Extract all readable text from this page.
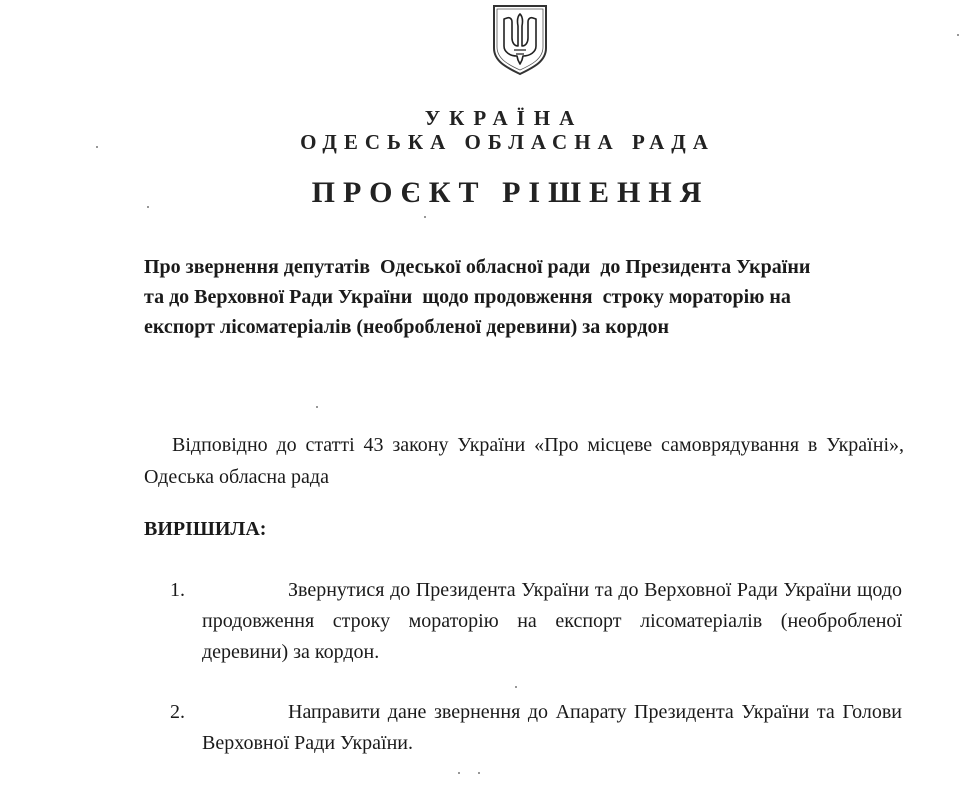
УКРАЇНА
ОДЕСЬКА ОБЛАСНА РАДА
ПРОЄКТ РІШЕННЯ
Про звернення депутатів  Одеської обласної ради  до Президента України
та до Верховної Ради України  щодо продовження  строку мораторію на
експорт лісоматеріалів (необробленої деревини) за кордон
Відповідно до статті 43 закону України «Про місцеве самоврядування в Україні», Одеська обласна рада
ВИРІШИЛА:
1.	Звернутися до Президента України та до Верховної Ради України щодо продовження строку мораторію на експорт лісоматеріалів (необробленої деревини) за кордон.
2.	Направити дане звернення до Апарату Президента України та Голови Верховної Ради України.
